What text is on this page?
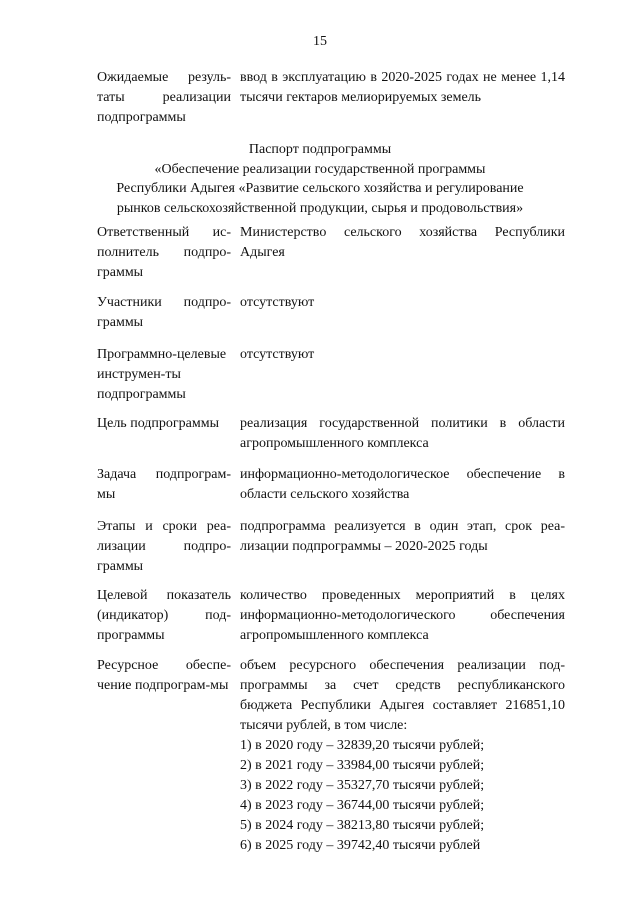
15
Ожидаемые резуль-таты реализации подпрограммы
ввод в эксплуатацию в 2020-2025 годах не менее 1,14 тысячи гектаров мелиорируемых земель
Паспорт подпрограммы
«Обеспечение реализации государственной программы
Республики Адыгея «Развитие сельского хозяйства и регулирование
рынков сельскохозяйственной продукции, сырья и продовольствия»
Ответственный ис-полнитель подпро-граммы
Министерство сельского хозяйства Республики Адыгея
Участники подпро-граммы
отсутствуют
Программно-целевые инструмен-ты подпрограммы
отсутствуют
Цель подпрограммы	реализация государственной политики в области агропромышленного комплекса
Задача подпрограм-мы
информационно-методологическое обеспечение в области сельского хозяйства
Этапы и сроки реа-лизации подпро-граммы
подпрограмма реализуется в один этап, срок реа-лизации подпрограммы – 2020-2025 годы
Целевой показатель (индикатор) под-программы
количество проведенных мероприятий в целях информационно-методологического обеспечения агропромышленного комплекса
Ресурсное обеспе-чение подпрограм-мы
объем ресурсного обеспечения реализации под-программы за счет средств республиканского бюджета Республики Адыгея составляет 216851,10 тысячи рублей, в том числе:
1) в 2020 году – 32839,20 тысячи рублей;
2) в 2021 году – 33984,00 тысячи рублей;
3) в 2022 году – 35327,70 тысячи рублей;
4) в 2023 году – 36744,00 тысячи рублей;
5) в 2024 году – 38213,80 тысячи рублей;
6) в 2025 году – 39742,40 тысячи рублей
